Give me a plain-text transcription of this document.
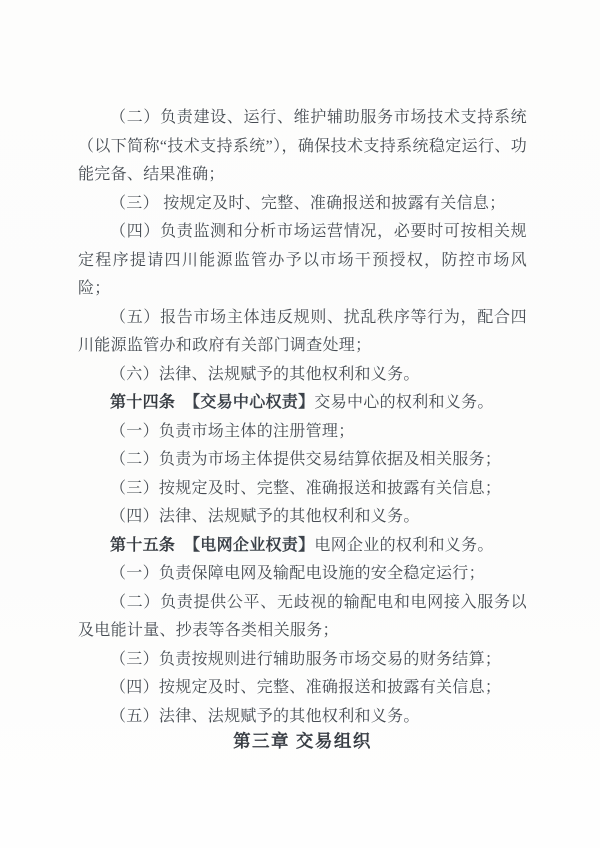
（二）负责建设、运行、维护辅助服务市场技术支持系统（以下简称“技术支持系统”），确保技术支持系统稳定运行、功能完备、结果准确；

（三） 按规定及时、完整、准确报送和披露有关信息；

（四）负责监测和分析市场运营情况，必要时可按相关规定程序提请四川能源监管办予以市场干预授权，防控市场风险；

（五）报告市场主体违反规则、扰乱秩序等行为，配合四川能源监管办和政府有关部门调查处理；

（六）法律、法规赋予的其他权利和义务。

第十四条 【交易中心权责】交易中心的权利和义务。

（一）负责市场主体的注册管理；

（二）负责为市场主体提供交易结算依据及相关服务；

（三）按规定及时、完整、准确报送和披露有关信息；

（四）法律、法规赋予的其他权利和义务。

第十五条 【电网企业权责】电网企业的权利和义务。

（一）负责保障电网及输配电设施的安全稳定运行；

（二）负责提供公平、无歧视的输配电和电网接入服务以及电能计量、抄表等各类相关服务；

（三）负责按规则进行辅助服务市场交易的财务结算；

（四）按规定及时、完整、准确报送和披露有关信息；

（五）法律、法规赋予的其他权利和义务。

第三章 交易组织
